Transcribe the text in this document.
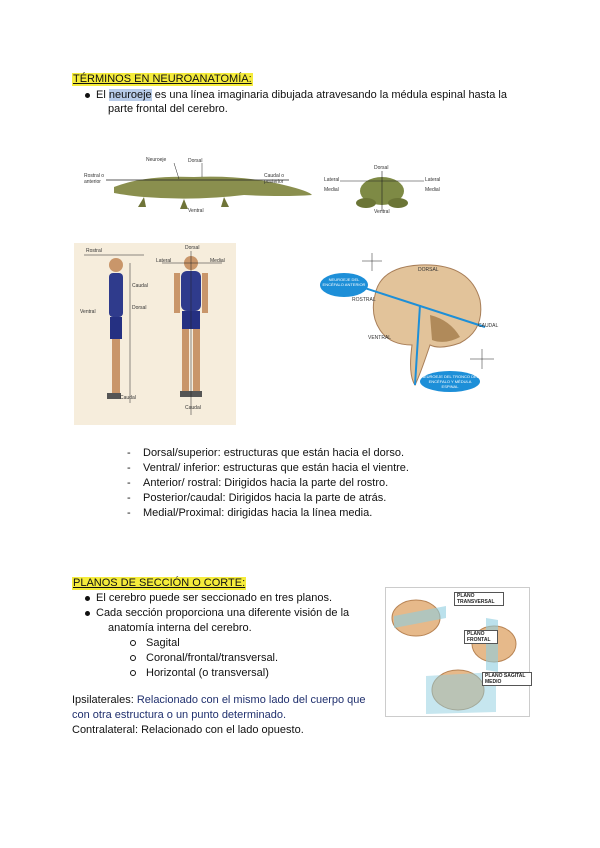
TÉRMINOS EN NEUROANATOMÍA:
El neuroeje es una línea imaginaria dibujada atravesando la médula espinal hasta la
parte frontal del cerebro.
Neuroeje	Dorsal
Rostral o anterior
Caudal o posterior
Ventral
Dorsal
Lateral	Lateral
Medial	Medial
Ventral
Rostral
Caudal
Ventral
Dorsal
Caudal
Dorsal
Lateral	Medial
Caudal
NEUROEJE DEL ENCÉFALO ANTERIOR
NEUROEJE DEL TRONCO DEL ENCÉFALO Y MÉDULA ESPINAL
DORSAL
ROSTRAL
VENTRAL
CAUDAL
- Dorsal/superior: estructuras que están hacia el dorso.
- Ventral/ inferior: estructuras que están hacia el vientre.
- Anterior/ rostral: Dirigidos hacia la parte del rostro.
- Posterior/caudal: Dirigidos hacia la parte de atrás.
- Medial/Proximal: dirigidas hacia la línea media.
PLANOS DE SECCIÓN O CORTE:
El cerebro puede ser seccionado en tres planos.
Cada sección proporciona una diferente visión de la
anatomía interna del cerebro.
Sagital
Coronal/frontal/transversal.
Horizontal (o transversal)
PLANO TRANSVERSAL
PLANO FRONTAL
PLANO SAGITAL MEDIO
Ipsilaterales: Relacionado con el mismo lado del cuerpo que
con otra estructura o un punto determinado.
Contralateral: Relacionado con el lado opuesto.
